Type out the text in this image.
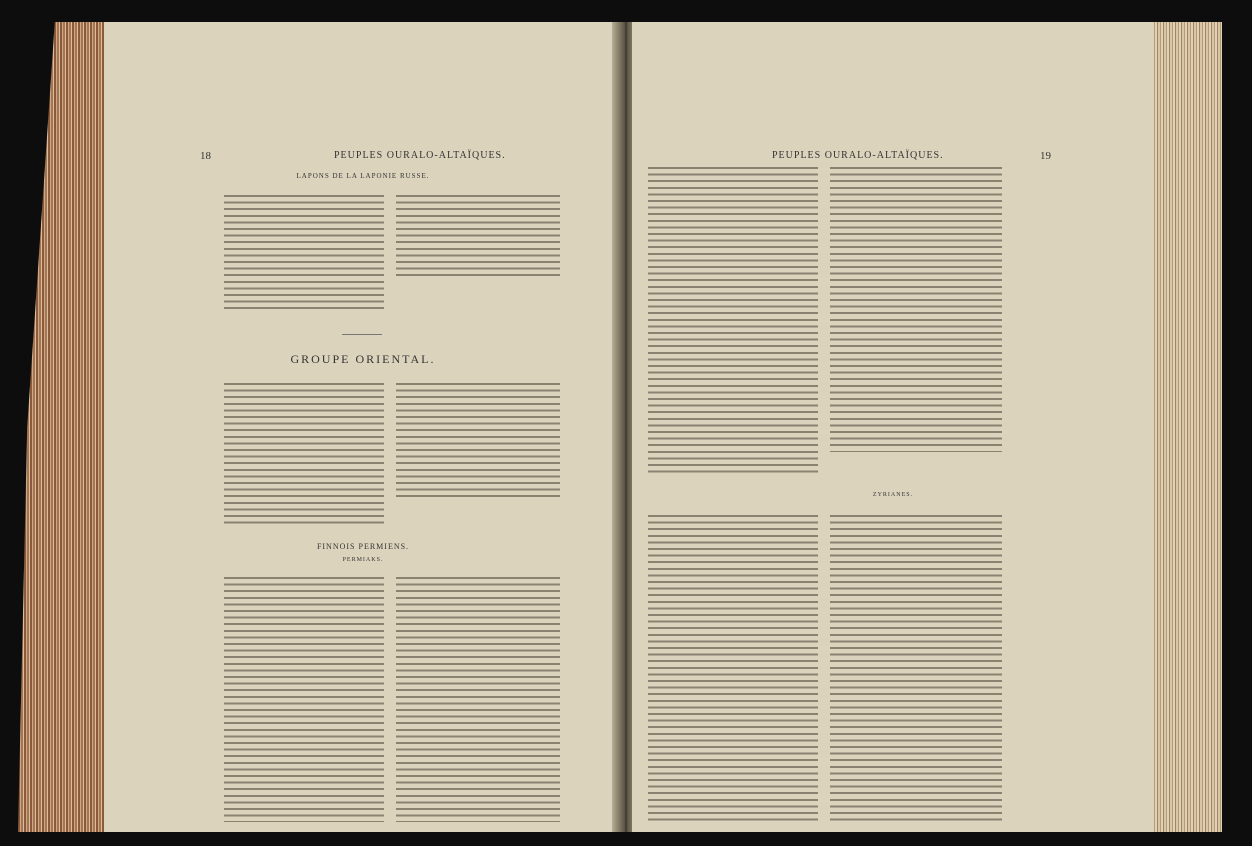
18	PEUPLES OURALO-ALTAÏQUES.
LAPONS DE LA LAPONIE RUSSE.
GROUPE ORIENTAL.
FINNOIS PERMIENS.
PERMIAKS.
PEUPLES OURALO-ALTAÏQUES.	19
ZYRIANES.
